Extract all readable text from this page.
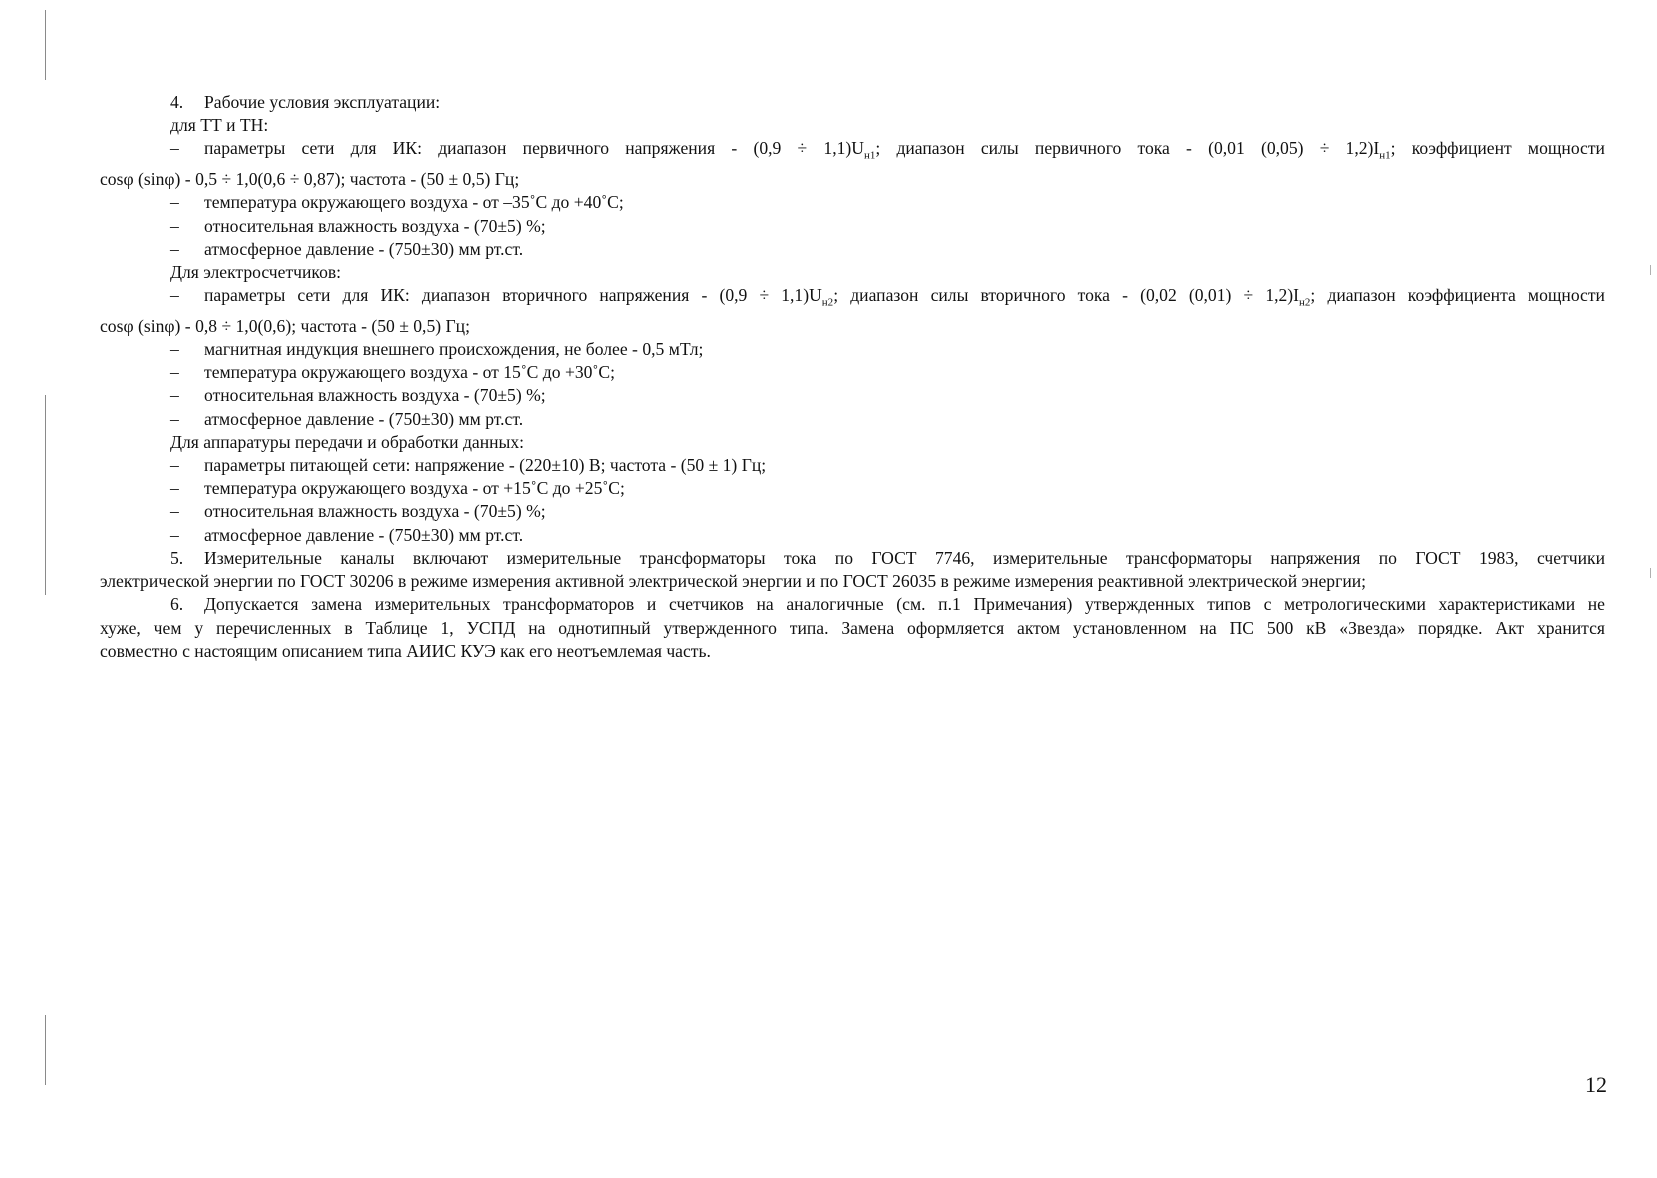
4. Рабочие условия эксплуатации:
для ТТ и ТН:
–	параметры сети для ИК: диапазон первичного напряжения - $(0,9 \div 1,1)U_{н1}$; диапазон силы первичного тока - (0,01 $(0,05) \div 1,2)I_{н1}$; коэффициент мощности
cosφ (sinφ) - 0,5 ÷ 1,0(0,6 ÷ 0,87); частота - (50 ± 0,5) Гц;
–	температура окружающего воздуха - от –35˚С до +40˚С;
–	относительная влажность воздуха - (70±5) %;
–	атмосферное давление - (750±30) мм рт.ст.
Для электросчетчиков:
–	параметры сети для ИК: диапазон вторичного напряжения - $(0,9 \div 1,1)U_{н2}$; диапазон силы вторичного тока - (0,02 $(0,01) \div 1,2)I_{н2}$; диапазон коэффициента мощности
cosφ (sinφ) - 0,8 ÷ 1,0(0,6); частота - (50 ± 0,5) Гц;
–	магнитная индукция внешнего происхождения, не более - 0,5 мТл;
–	температура окружающего воздуха - от 15˚С до +30˚С;
–	относительная влажность воздуха - (70±5) %;
–	атмосферное давление - (750±30) мм рт.ст.
Для аппаратуры передачи и обработки данных:
–	параметры питающей сети: напряжение - (220±10) В; частота - (50 ± 1) Гц;
–	температура окружающего воздуха - от +15˚С до +25˚С;
–	относительная влажность воздуха - (70±5) %;
–	атмосферное давление - (750±30) мм рт.ст.
5. Измерительные каналы включают измерительные трансформаторы тока по ГОСТ 7746, измерительные трансформаторы напряжения по ГОСТ 1983, счетчики
электрической энергии по ГОСТ 30206 в режиме измерения активной электрической энергии и по ГОСТ 26035 в режиме измерения реактивной электрической энергии;
6. Допускается замена измерительных трансформаторов и счетчиков на аналогичные (см. п.1 Примечания) утвержденных типов с метрологическими характеристиками не
хуже, чем у перечисленных в Таблице 1, УСПД на однотипный утвержденного типа. Замена оформляется актом установленном на ПС 500 кВ «Звезда» порядке. Акт хранится
совместно с настоящим описанием типа АИИС КУЭ как его неотъемлемая часть.
12
